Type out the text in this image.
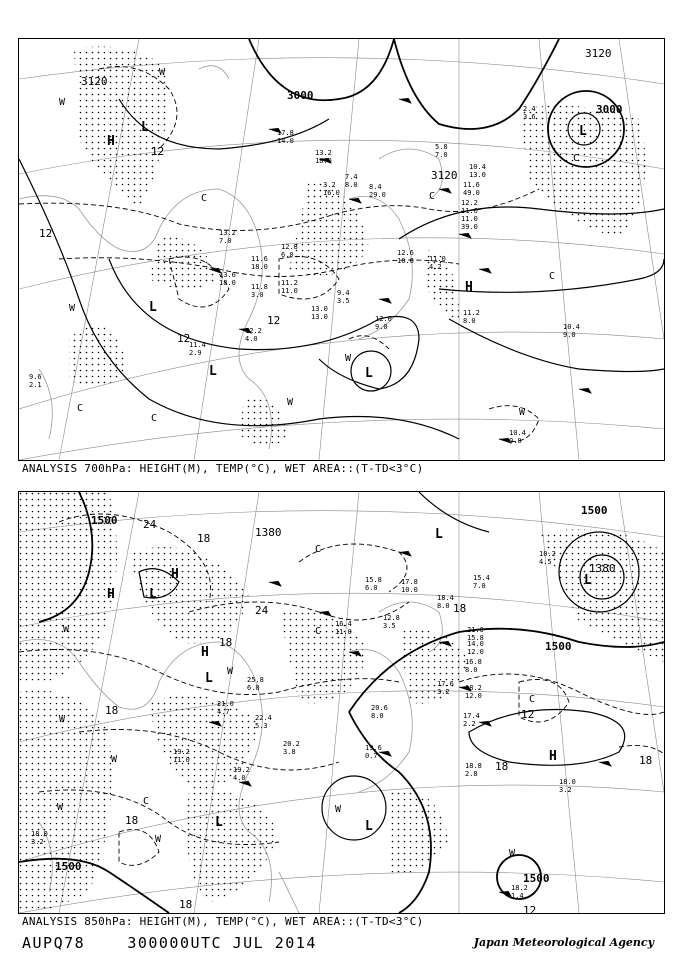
3120
3000
3000
3120
3120
12
12
12
12
L	L
L
L	L
H
H
W
W
W
W
W
W
C
C
C
C
C
C
17.8
14.0
13.2
18.0
7.4
8.0 8.4
29.0
3.2
16.0
5.8
7.0
10.4
13.0
11.6
49.0
12.2
11.0
11.0
39.0
13.2
7.0
13.6
18.0
11.6
18.0
11.8
3.0
12.8
6.0
11.2
11.0
13.0
13.0
9.4
3.5
12.0
9.0
12.6
10.0 11.0
4.2
11.2
8.0
10.4
9.0
12.2
4.0
11.4
2.9
10.4
0.0
9.6
2.1
2.4
3.6
ANALYSIS 700hPa: HEIGHT(M), TEMP(°C), WET AREA::(T-TD<3°C)
1500
1380
1500
1380
1500
1500
1500
24
24
18
18
18
18
18
18
18
12
12
18
L
L
L
L	L
L
H
H
H
H
W
W
W
W
W
W
W
W
C
C
C
C
15.8
6.0
17.8
10.0
15.4
7.0
18.4
8.0
16.4
11.0
12.8
3.5	21.0
15.8
14.0
12.0
16.8
8.0
17.6
3.2 18.2
12.0
17.4
2.2
20.6
8.0
18.8
2.8
25.8
6.0
21.0
4.7
22.4
5.3
20.2
3.8
19.2
4.0
19.6
0.7
18.2
1.4
18.0
3.2
18.0
3.2
19.2
11.0
10.2
4.5
ANALYSIS 850hPa: HEIGHT(M), TEMP(°C), WET AREA::(T-TD<3°C)
AUPQ78	300000UTC JUL 2014	Japan Meteorological Agency
